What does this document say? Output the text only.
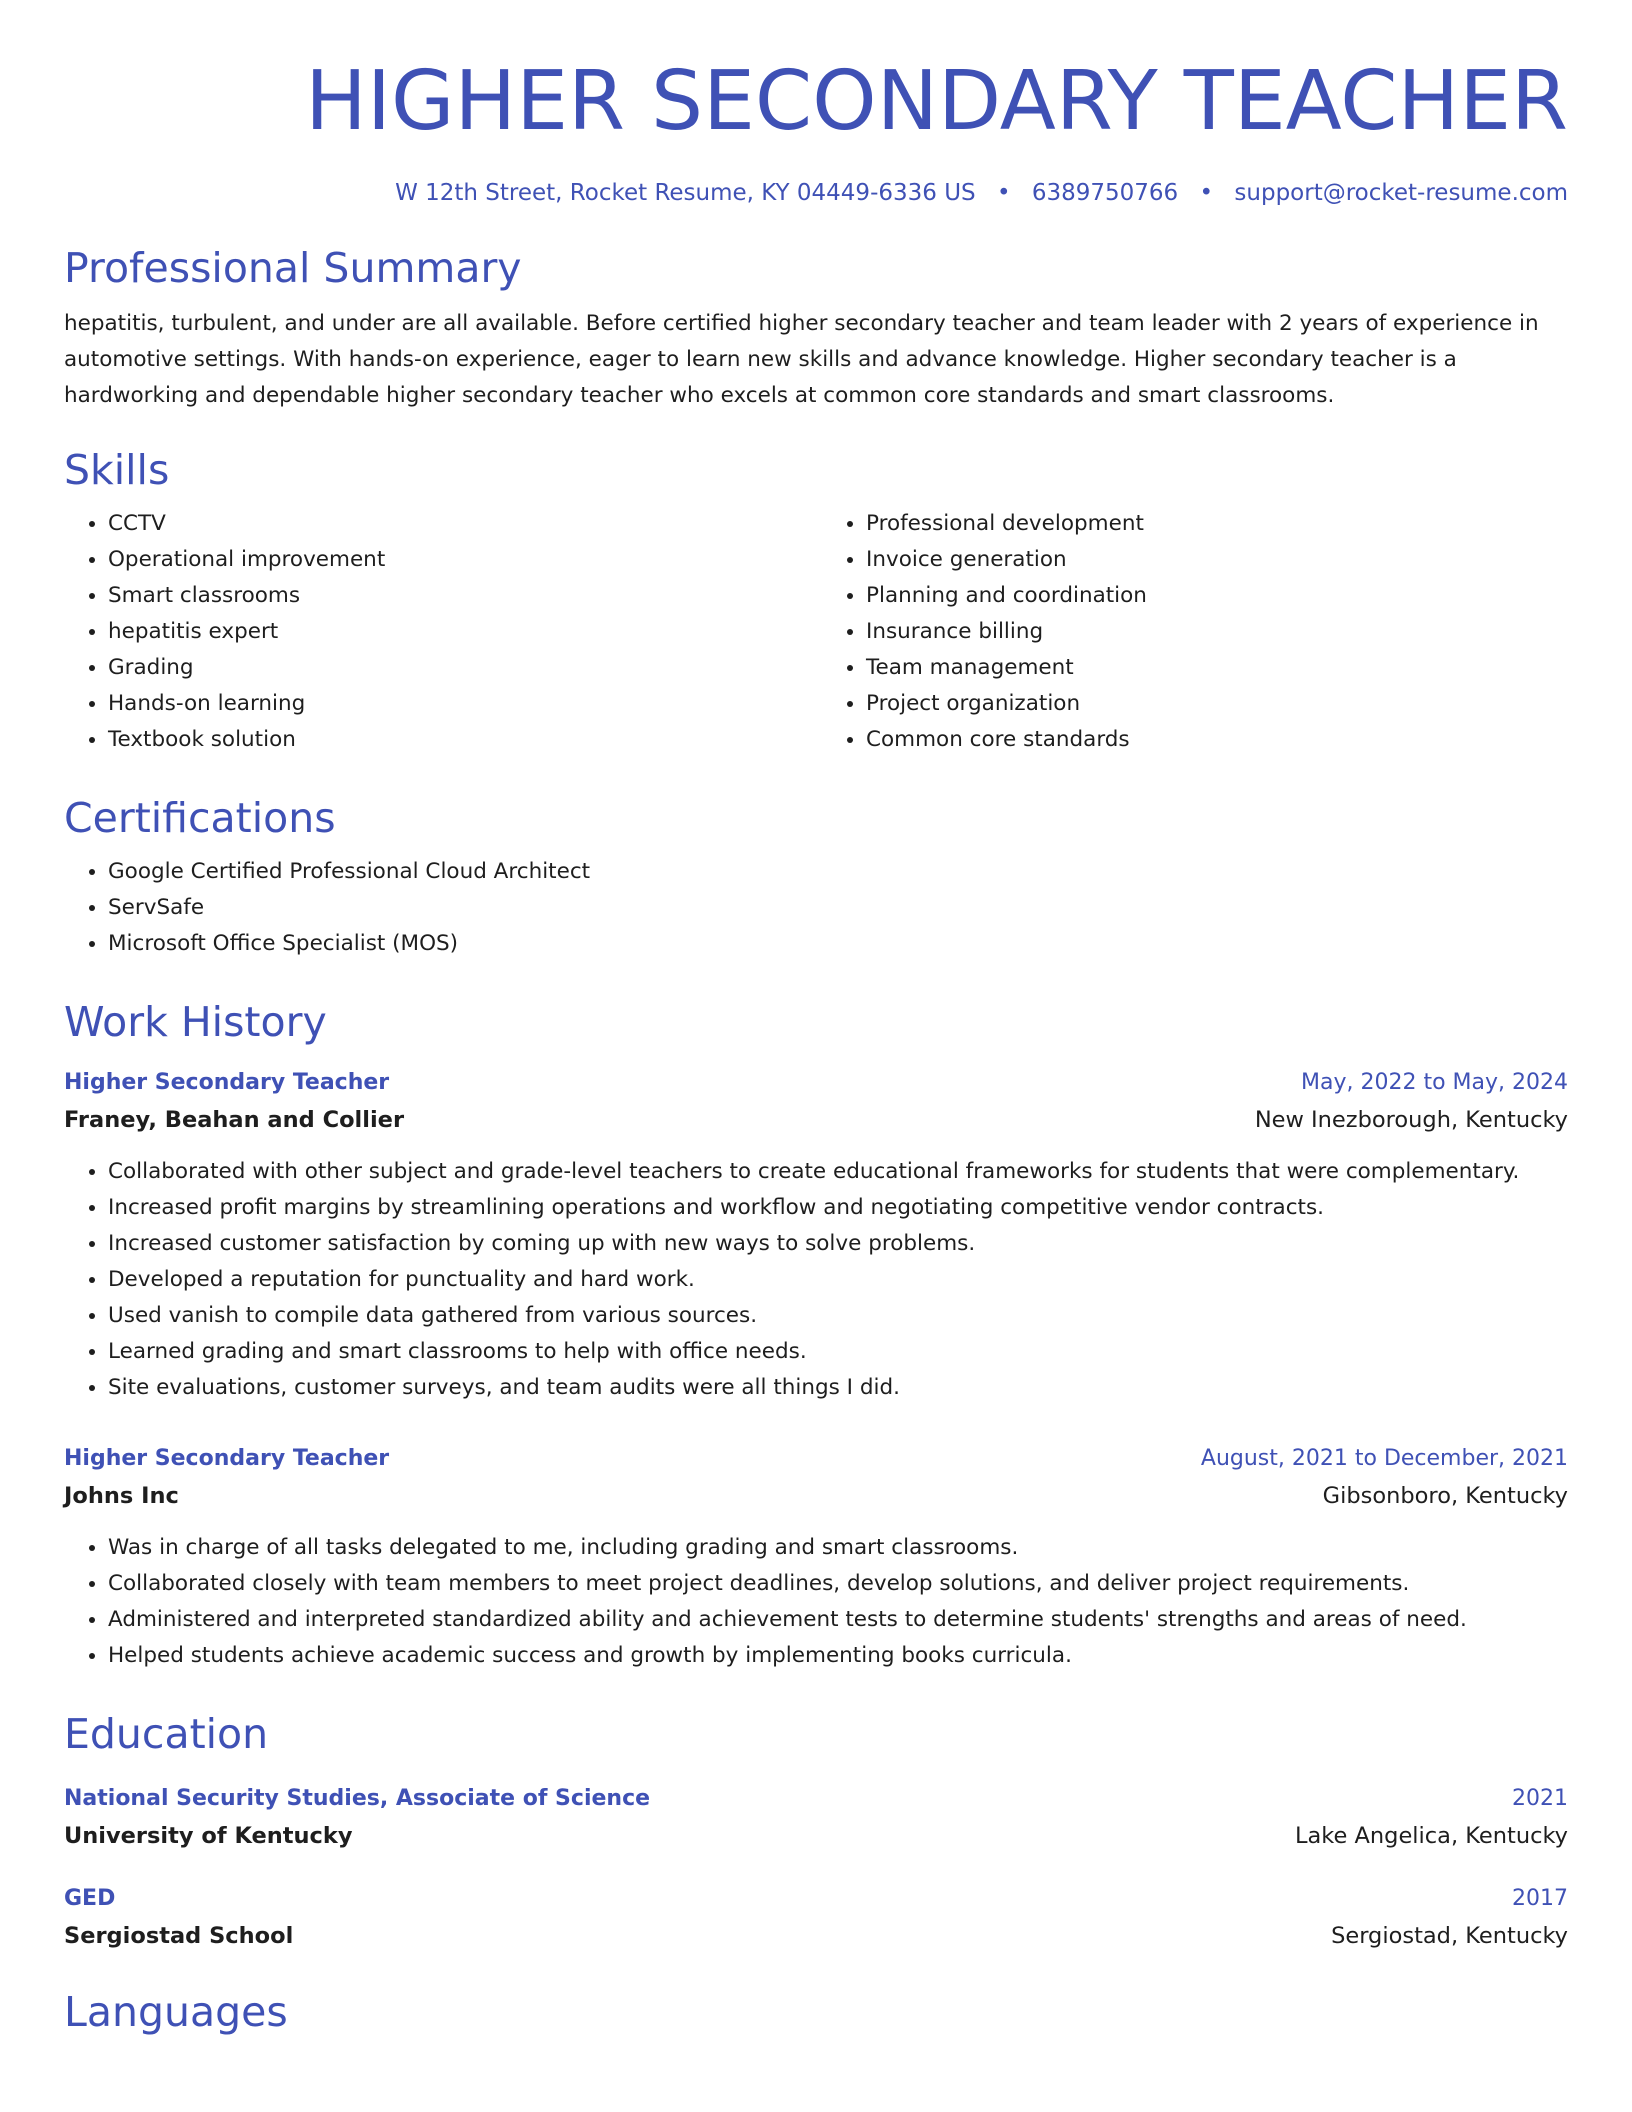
HIGHER SECONDARY TEACHER
W 12th Street, Rocket Resume, KY 04449-6336 US • 6389750766 • support@rocket-resume.com
Professional Summary

hepatitis, turbulent, and under are all available. Before certified higher secondary teacher and team leader with 2 years of experience in automotive settings. With hands-on experience, eager to learn new skills and advance knowledge. Higher secondary teacher is a hardworking and dependable higher secondary teacher who excels at common core standards and smart classrooms.

Skills
• CCTV
• Operational improvement
• Smart classrooms
• hepatitis expert
• Grading
• Hands-on learning
• Textbook solution
• Professional development
• Invoice generation
• Planning and coordination
• Insurance billing
• Team management
• Project organization
• Common core standards
Certifications
• Google Certified Professional Cloud Architect
• ServSafe
• Microsoft Office Specialist (MOS)
Work History
Higher Secondary Teacher	May, 2022 to May, 2024
Franey, Beahan and Collier	New Inezborough, Kentucky
• Collaborated with other subject and grade-level teachers to create educational frameworks for students that were complementary.
• Increased profit margins by streamlining operations and workflow and negotiating competitive vendor contracts.
• Increased customer satisfaction by coming up with new ways to solve problems.
• Developed a reputation for punctuality and hard work.
• Used vanish to compile data gathered from various sources.
• Learned grading and smart classrooms to help with office needs.
• Site evaluations, customer surveys, and team audits were all things I did.
Higher Secondary Teacher	August, 2021 to December, 2021
Johns Inc	Gibsonboro, Kentucky
• Was in charge of all tasks delegated to me, including grading and smart classrooms.
• Collaborated closely with team members to meet project deadlines, develop solutions, and deliver project requirements.
• Administered and interpreted standardized ability and achievement tests to determine students' strengths and areas of need.
• Helped students achieve academic success and growth by implementing books curricula.
Education
National Security Studies, Associate of Science	2021
University of Kentucky	Lake Angelica, Kentucky
GED	2017
Sergiostad School	Sergiostad, Kentucky
Languages
